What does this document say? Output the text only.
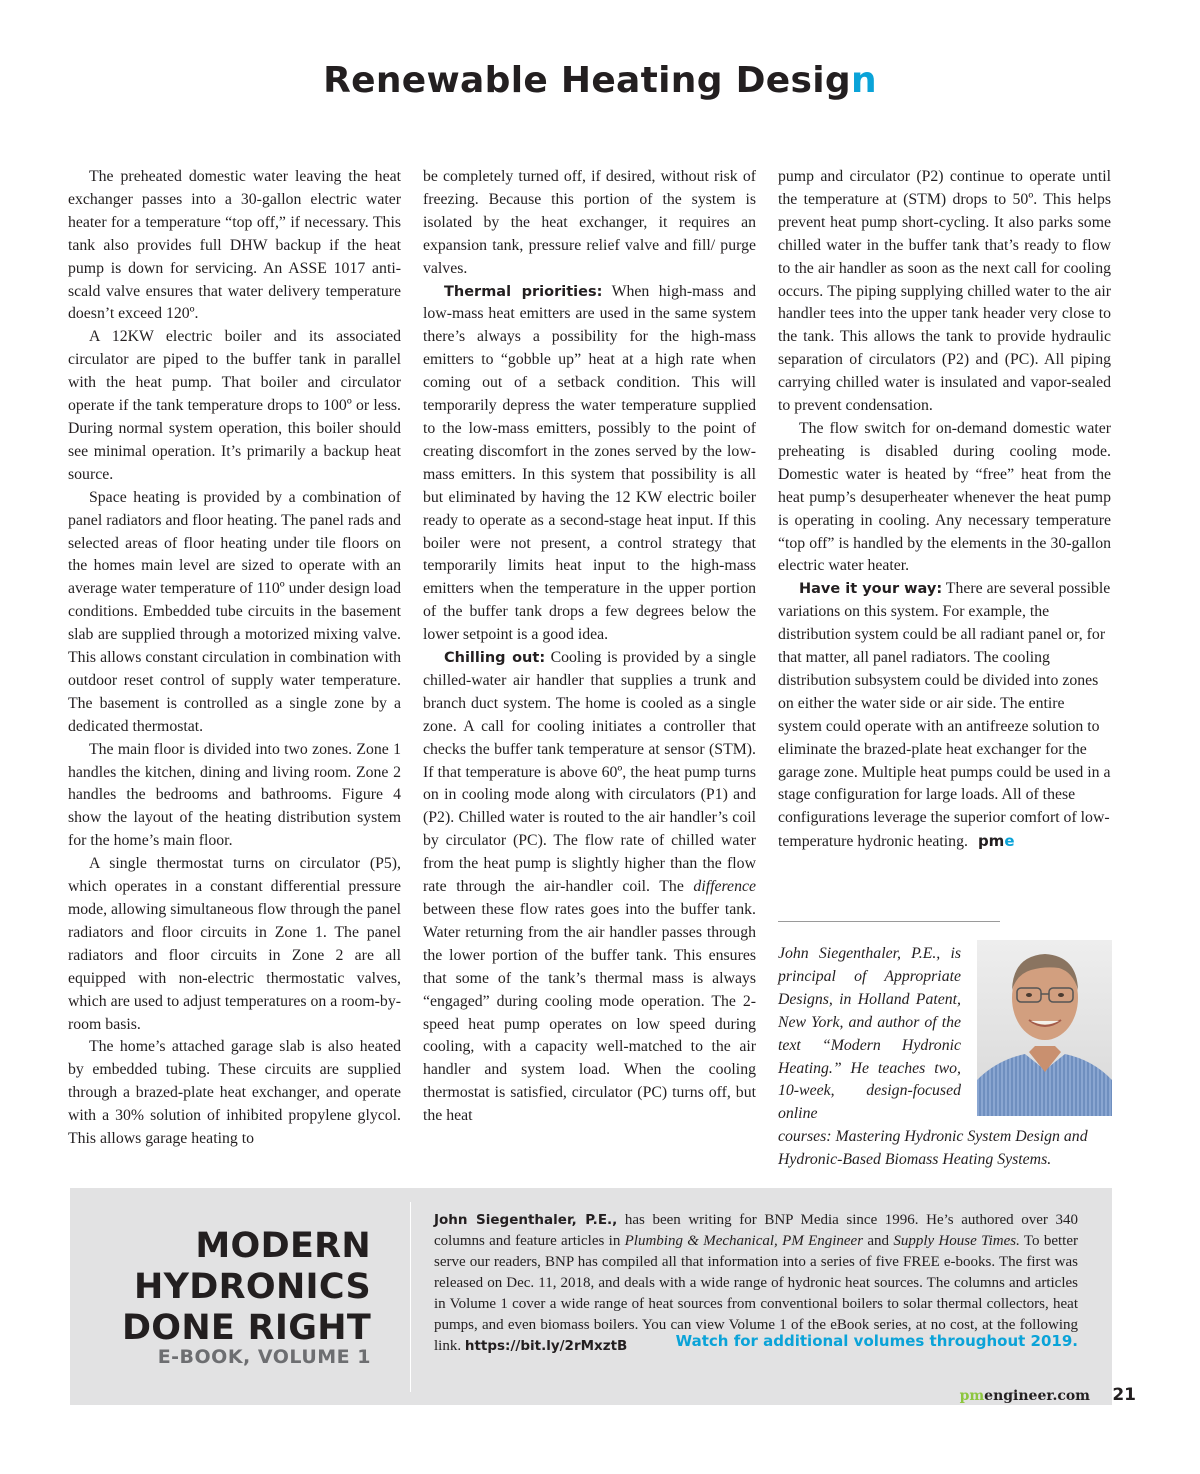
Renewable Heating Design

The preheated domestic water leaving the heat exchanger passes into a 30-gallon electric water heater for a temperature “top off,” if necessary. This tank also provides full DHW backup if the heat pump is down for servicing. An ASSE 1017 anti-scald valve ensures that water delivery temperature doesn’t exceed 120º.

A 12KW electric boiler and its associated circulator are piped to the buffer tank in parallel with the heat pump. That boiler and circulator operate if the tank temperature drops to 100º or less. During normal system operation, this boiler should see minimal operation. It’s primarily a backup heat source.

Space heating is provided by a combination of panel radiators and floor heating. The panel rads and selected areas of floor heating under tile floors on the homes main level are sized to operate with an average water temperature of 110º under design load conditions. Embedded tube circuits in the basement slab are supplied through a motorized mixing valve. This allows constant circulation in combination with outdoor reset control of supply water temperature. The basement is controlled as a single zone by a dedicated thermostat.

The main floor is divided into two zones. Zone 1 handles the kitchen, dining and living room. Zone 2 handles the bedrooms and bathrooms. Figure 4 show the layout of the heating distribution system for the home’s main floor.

A single thermostat turns on circulator (P5), which operates in a constant differential pressure mode, allowing simultaneous flow through the panel radiators and floor circuits in Zone 1. The panel radiators and floor circuits in Zone 2 are all equipped with non-electric thermostatic valves, which are used to adjust temperatures on a room-by-room basis.

The home’s attached garage slab is also heated by embedded tubing. These circuits are supplied through a brazed-plate heat exchanger, and operate with a 30% solution of inhibited propylene glycol. This allows garage heating to

be completely turned off, if desired, without risk of freezing. Because this portion of the system is isolated by the heat exchanger, it requires an expansion tank, pressure relief valve and fill/ purge valves.

Thermal priorities: When high-mass and low-mass heat emitters are used in the same system there’s always a possibility for the high-mass emitters to “gobble up” heat at a high rate when coming out of a setback condition. This will temporarily depress the water temperature supplied to the low-mass emitters, possibly to the point of creating discomfort in the zones served by the low-mass emitters. In this system that possibility is all but eliminated by having the 12 KW electric boiler ready to operate as a second-stage heat input. If this boiler were not present, a control strategy that temporarily limits heat input to the high-mass emitters when the temperature in the upper portion of the buffer tank drops a few degrees below the lower setpoint is a good idea.

Chilling out: Cooling is provided by a single chilled-water air handler that supplies a trunk and branch duct system. The home is cooled as a single zone. A call for cooling initiates a controller that checks the buffer tank temperature at sensor (STM). If that temperature is above 60º, the heat pump turns on in cooling mode along with circulators (P1) and (P2). Chilled water is routed to the air handler’s coil by circulator (PC). The flow rate of chilled water from the heat pump is slightly higher than the flow rate through the air-handler coil. The difference between these flow rates goes into the buffer tank. Water returning from the air handler passes through the lower portion of the buffer tank. This ensures that some of the tank’s thermal mass is always “engaged” during cooling mode operation. The 2-speed heat pump operates on low speed during cooling, with a capacity well-matched to the air handler and system load. When the cooling thermostat is satisfied, circulator (PC) turns off, but the heat

pump and circulator (P2) continue to operate until the temperature at (STM) drops to 50º. This helps prevent heat pump short-cycling. It also parks some chilled water in the buffer tank that’s ready to flow to the air handler as soon as the next call for cooling occurs. The piping supplying chilled water to the air handler tees into the upper tank header very close to the tank. This allows the tank to provide hydraulic separation of circulators (P2) and (PC). All piping carrying chilled water is insulated and vapor-sealed to prevent condensation.

The flow switch for on-demand domestic water preheating is disabled during cooling mode. Domestic water is heated by “free” heat from the heat pump’s desuperheater whenever the heat pump is operating in cooling. Any necessary temperature “top off” is handled by the elements in the 30-gallon electric water heater.

Have it your way: There are several possible variations on this system. For example, the distribution system could be all radiant panel or, for that matter, all panel radiators. The cooling distribution subsystem could be divided into zones on either the water side or air side. The entire system could operate with an antifreeze solution to eliminate the brazed-plate heat exchanger for the garage zone. Multiple heat pumps could be used in a stage configuration for large loads. All of these configurations leverage the superior comfort of low-temperature hydronic heating. pme

John Siegenthaler, P.E., is principal of Appropriate Designs, in Holland Patent, New York, and author of the text “Modern Hydronic Heating.” He teaches two, 10-week, design-focused online
courses: Mastering Hydronic System Design and Hydronic-Based Biomass Heating Systems.
MODERN
HYDRONICS
DONE RIGHT
E-BOOK, VOLUME 1
John Siegenthaler, P.E., has been writing for BNP Media since 1996. He’s authored over 340 columns and feature articles in Plumbing & Mechanical, PM Engineer and Supply House Times. To better serve our readers, BNP has compiled all that information into a series of five FREE e-books. The first was released on Dec. 11, 2018, and deals with a wide range of hydronic heat sources. The columns and articles in Volume 1 cover a wide range of heat sources from conventional boilers to solar thermal collectors, heat pumps, and even biomass boilers. You can view Volume 1 of the eBook series, at no cost, at the following link. https://bit.ly/2rMxztB	Watch for additional volumes throughout 2019.
pmengineer.com 21
